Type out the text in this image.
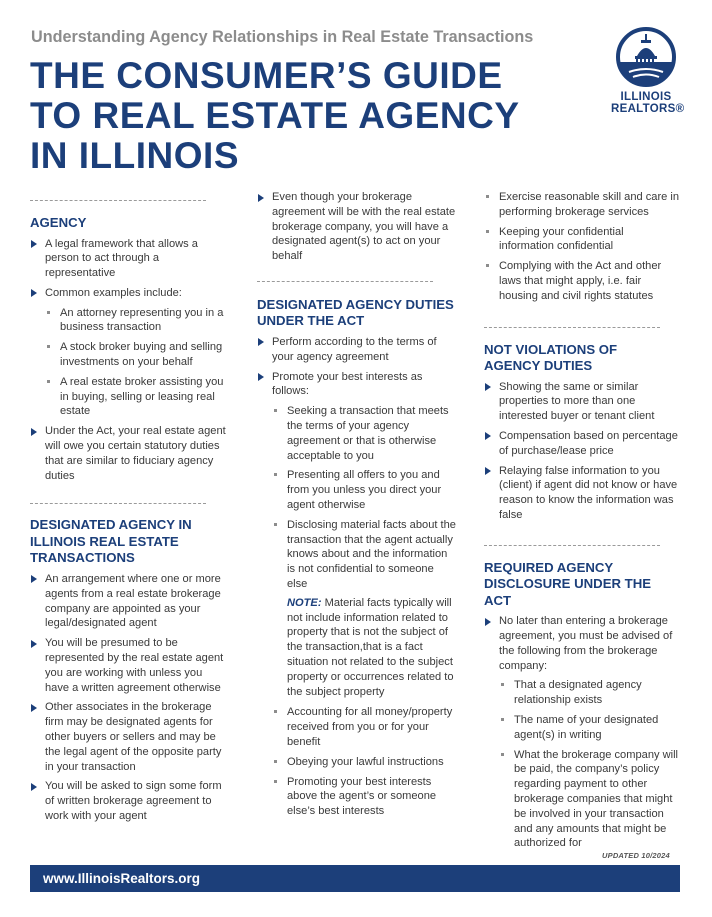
Understanding Agency Relationships in Real Estate Transactions
THE CONSUMER’S GUIDE
TO REAL ESTATE AGENCY
IN ILLINOIS
ILLINOIS
REALTORS®
AGENCY
A legal framework that allows a person to act through a representative
Common examples include:
An attorney representing you in a business transaction
A stock broker buying and selling investments on your behalf
A real estate broker assisting you in buying, selling or leasing real estate
Under the Act, your real estate agent will owe you certain statutory duties that are similar to fiduciary agency duties
DESIGNATED AGENCY IN
ILLINOIS REAL ESTATE
TRANSACTIONS
An arrangement where one or more agents from a real estate brokerage company are appointed as your legal/designated agent
You will be presumed to be represented by the real estate agent you are working with unless you have a written agreement otherwise
Other associates in the brokerage firm may be designated agents for other buyers or sellers and may be the legal agent of the opposite party in your transaction
You will be asked to sign some form of written brokerage agreement to work with your agent
Even though your brokerage agreement will be with the real estate brokerage company, you will have a designated agent(s) to act on your behalf
DESIGNATED AGENCY DUTIES
UNDER THE ACT
Perform according to the terms of your agency agreement
Promote your best interests as follows:
Seeking a transaction that meets the terms of your agency agreement or that is otherwise acceptable to you
Presenting all offers to you and from you unless you direct your agent otherwise
Disclosing material facts about the transaction that the agent actually knows about and the information is not confidential to someone else
NOTE: Material facts typically will not include information related to property that is not the subject of the transaction,that is a fact situation not related to the subject property or occurrences related to the subject property
Accounting for all money/property received from you or for your benefit
Obeying your lawful instructions
Promoting your best interests above the agent’s or someone else’s best interests
Exercise reasonable skill and care in performing brokerage services
Keeping your confidential information confidential
Complying with the Act and other laws that might apply, i.e. fair housing and civil rights statutes
NOT VIOLATIONS OF
AGENCY DUTIES
Showing the same or similar properties to more than one interested buyer or tenant client
Compensation based on percentage of purchase/lease price
Relaying false information to you (client) if agent did not know or have reason to know the information was false
REQUIRED AGENCY
DISCLOSURE UNDER THE ACT
No later than entering a brokerage agreement, you must be advised of the following from the brokerage company:
That a designated agency relationship exists
The name of your designated agent(s) in writing
What the brokerage company will be paid, the company’s policy regarding payment to other brokerage companies that might be involved in your transaction and any amounts that might be authorized for
UPDATED 10/2024
www.IllinoisRealtors.org
